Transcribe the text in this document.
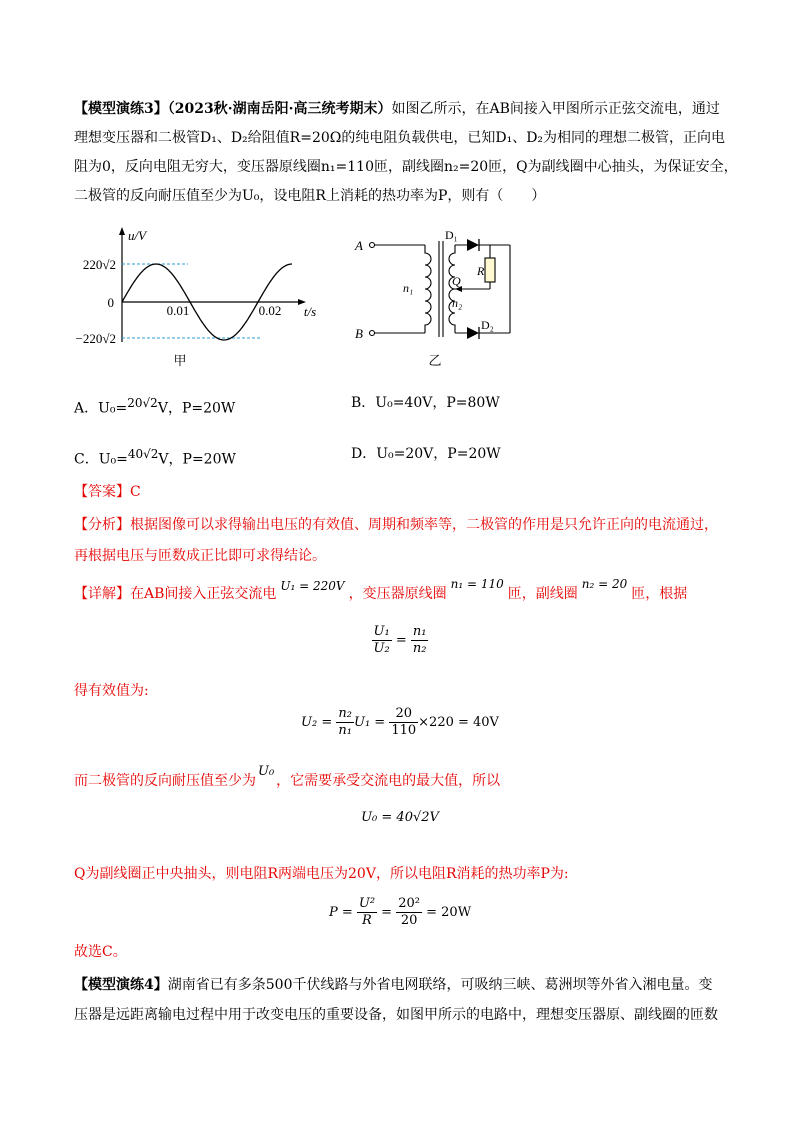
【模型演练3】（2023秋·湖南岳阳·高三统考期末）如图乙所示，在AB间接入甲图所示正弦交流电，通过
理想变压器和二极管D₁、D₂给阻值R=20Ω的纯电阻负载供电，已知D₁、D₂为相同的理想二极管，正向电
阻为0，反向电阻无穷大，变压器原线圈n₁=110匝，副线圈n₂=20匝，Q为副线圈中心抽头，为保证安全，
二极管的反向耐压值至少为U₀，设电阻R上消耗的热功率为P，则有（　　）
u/V
t/s
220√2
−220√2
0
0.01	0.02
甲
A
B
D₁
D₂
R
Q
n₁
n₂
乙
A．U₀=$^{20√2}$V，P=20W	B．U₀=40V，P=80W
C．U₀=$^{40√2}$V，P=20W	D．U₀=20V，P=20W
【答案】C
【分析】根据图像可以求得输出电压的有效值、周期和频率等，二极管的作用是只允许正向的电流通过，
再根据电压与匝数成正比即可求得结论。
【详解】在AB间接入正弦交流电 U₁ = 220V ，变压器原线圈n₁ = 110匝，副线圈n₂ = 20匝，根据
$\frac{\text{U₁}}{\text{U₂}} = \frac{\text{n₁}}{\text{n₂}}$
得有效值为:
$U_2 = \frac{\text{n₂}}{\text{n₁}} U_1 = \frac{20}{110} \times 220 = 40V$
而二极管的反向耐压值至少为U₀，它需要承受交流电的最大值，所以
U₀ = 40√2V
Q为副线圈正中央抽头，则电阻R两端电压为20V，所以电阻R消耗的热功率P为:
$P = \frac{\text{U²}}{R} = \frac{\text{20²}}{20} = 20W$
故选C。
【模型演练4】湖南省已有多条500千伏线路与外省电网联络，可吸纳三峡、葛洲坝等外省入湘电量。变
压器是远距离输电过程中用于改变电压的重要设备，如图甲所示的电路中，理想变压器原、副线圈的匝数
